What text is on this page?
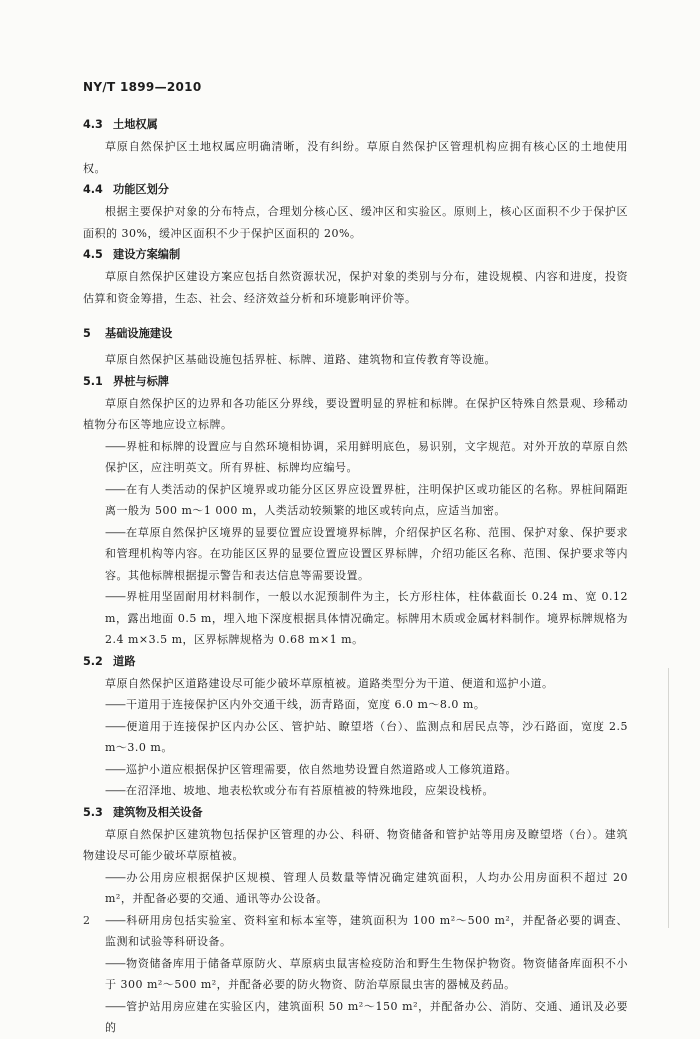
NY/T 1899—2010
4.3 土地权属
草原自然保护区土地权属应明确清晰，没有纠纷。草原自然保护区管理机构应拥有核心区的土地使用权。
4.4 功能区划分
根据主要保护对象的分布特点，合理划分核心区、缓冲区和实验区。原则上，核心区面积不少于保护区面积的 30%，缓冲区面积不少于保护区面积的 20%。
4.5 建设方案编制
草原自然保护区建设方案应包括自然资源状况，保护对象的类别与分布，建设规模、内容和进度，投资估算和资金筹措，生态、社会、经济效益分析和环境影响评价等。
5 基础设施建设
草原自然保护区基础设施包括界桩、标牌、道路、建筑物和宣传教育等设施。
5.1 界桩与标牌
草原自然保护区的边界和各功能区分界线，要设置明显的界桩和标牌。在保护区特殊自然景观、珍稀动植物分布区等地应设立标牌。
——界桩和标牌的设置应与自然环境相协调，采用鲜明底色，易识别，文字规范。对外开放的草原自然保护区，应注明英文。所有界桩、标牌均应编号。
——在有人类活动的保护区境界或功能分区区界应设置界桩，注明保护区或功能区的名称。界桩间隔距离一般为 500 m～1 000 m，人类活动较频繁的地区或转向点，应适当加密。
——在草原自然保护区境界的显要位置应设置境界标牌，介绍保护区名称、范围、保护对象、保护要求和管理机构等内容。在功能区区界的显要位置应设置区界标牌，介绍功能区名称、范围、保护要求等内容。其他标牌根据提示警告和表达信息等需要设置。
——界桩用坚固耐用材料制作，一般以水泥预制件为主，长方形柱体，柱体截面长 0.24 m、宽 0.12 m，露出地面 0.5 m，埋入地下深度根据具体情况确定。标牌用木质或金属材料制作。境界标牌规格为 2.4 m×3.5 m，区界标牌规格为 0.68 m×1 m。
5.2 道路
草原自然保护区道路建设尽可能少破坏草原植被。道路类型分为干道、便道和巡护小道。
——干道用于连接保护区内外交通干线，沥青路面，宽度 6.0 m～8.0 m。
——便道用于连接保护区内办公区、管护站、瞭望塔（台）、监测点和居民点等，沙石路面，宽度 2.5 m～3.0 m。
——巡护小道应根据保护区管理需要，依自然地势设置自然道路或人工修筑道路。
——在沼泽地、坡地、地表松软或分布有苔原植被的特殊地段，应架设栈桥。
5.3 建筑物及相关设备
草原自然保护区建筑物包括保护区管理的办公、科研、物资储备和管护站等用房及瞭望塔（台）。建筑物建设尽可能少破坏草原植被。
——办公用房应根据保护区规模、管理人员数量等情况确定建筑面积，人均办公用房面积不超过 20 m²，并配备必要的交通、通讯等办公设备。
——科研用房包括实验室、资料室和标本室等，建筑面积为 100 m²～500 m²，并配备必要的调查、监测和试验等科研设备。
——物资储备库用于储备草原防火、草原病虫鼠害检疫防治和野生生物保护物资。物资储备库面积不小于 300 m²～500 m²，并配备必要的防火物资、防治草原鼠虫害的器械及药品。
——管护站用房应建在实验区内，建筑面积 50 m²～150 m²，并配备办公、消防、交通、通讯及必要的
2
